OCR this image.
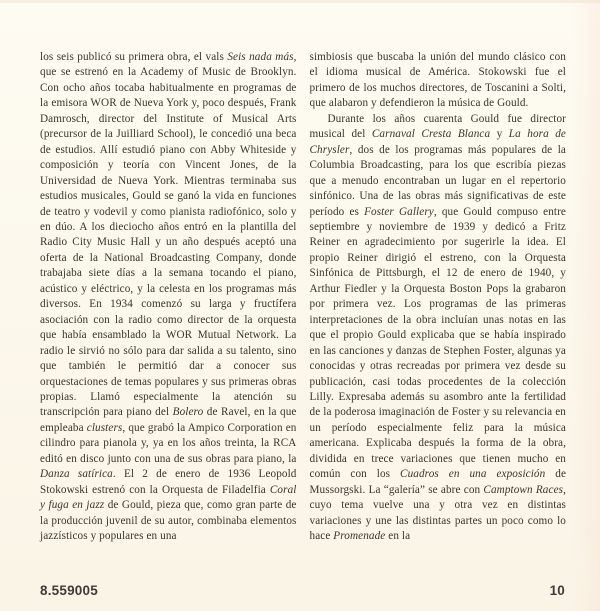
los seis publicó su primera obra, el vals Seis nada más, que se estrenó en la Academy of Music de Brooklyn. Con ocho años tocaba habitualmente en programas de la emisora WOR de Nueva York y, poco después, Frank Damrosch, director del Institute of Musical Arts (precursor de la Juilliard School), le concedió una beca de estudios. Allí estudió piano con Abby Whiteside y composición y teoría con Vincent Jones, de la Universidad de Nueva York. Mientras terminaba sus estudios musicales, Gould se ganó la vida en funciones de teatro y vodevil y como pianista radiofónico, solo y en dúo. A los dieciocho años entró en la plantilla del Radio City Music Hall y un año después aceptó una oferta de la National Broadcasting Company, donde trabajaba siete días a la semana tocando el piano, acústico y eléctrico, y la celesta en los programas más diversos. En 1934 comenzó su larga y fructífera asociación con la radio como director de la orquesta que había ensamblado la WOR Mutual Network. La radio le sirvió no sólo para dar salida a su talento, sino que también le permitió dar a conocer sus orquestaciones de temas populares y sus primeras obras propias. Llamó especialmente la atención su transcripción para piano del Bolero de Ravel, en la que empleaba clusters, que grabó la Ampico Corporation en cilindro para pianola y, ya en los años treinta, la RCA editó en disco junto con una de sus obras para piano, la Danza satírica. El 2 de enero de 1936 Leopold Stokowski estrenó con la Orquesta de Filadelfia Coral y fuga en jazz de Gould, pieza que, como gran parte de la producción juvenil de su autor, combinaba elementos jazzísticos y populares en una

simbiosis que buscaba la unión del mundo clásico con el idioma musical de América. Stokowski fue el primero de los muchos directores, de Toscanini a Solti, que alabaron y defendieron la música de Gould.

Durante los años cuarenta Gould fue director musical del Carnaval Cresta Blanca y La hora de Chrysler, dos de los programas más populares de la Columbia Broadcasting, para los que escribía piezas que a menudo encontraban un lugar en el repertorio sinfónico. Una de las obras más significativas de este período es Foster Gallery, que Gould compuso entre septiembre y noviembre de 1939 y dedicó a Fritz Reiner en agradecimiento por sugerirle la idea. El propio Reiner dirigió el estreno, con la Orquesta Sinfónica de Pittsburgh, el 12 de enero de 1940, y Arthur Fiedler y la Orquesta Boston Pops la grabaron por primera vez. Los programas de las primeras interpretaciones de la obra incluían unas notas en las que el propio Gould explicaba que se había inspirado en las canciones y danzas de Stephen Foster, algunas ya conocidas y otras recreadas por primera vez desde su publicación, casi todas procedentes de la colección Lilly. Expresaba además su asombro ante la fertilidad de la poderosa imaginación de Foster y su relevancia en un período especialmente feliz para la música americana. Explicaba después la forma de la obra, dividida en trece variaciones que tienen mucho en común con los Cuadros en una exposición de Mussorgski. La “galería” se abre con Camptown Races, cuyo tema vuelve una y otra vez en distintas variaciones y une las distintas partes un poco como lo hace Promenade en la

8.559005	10
